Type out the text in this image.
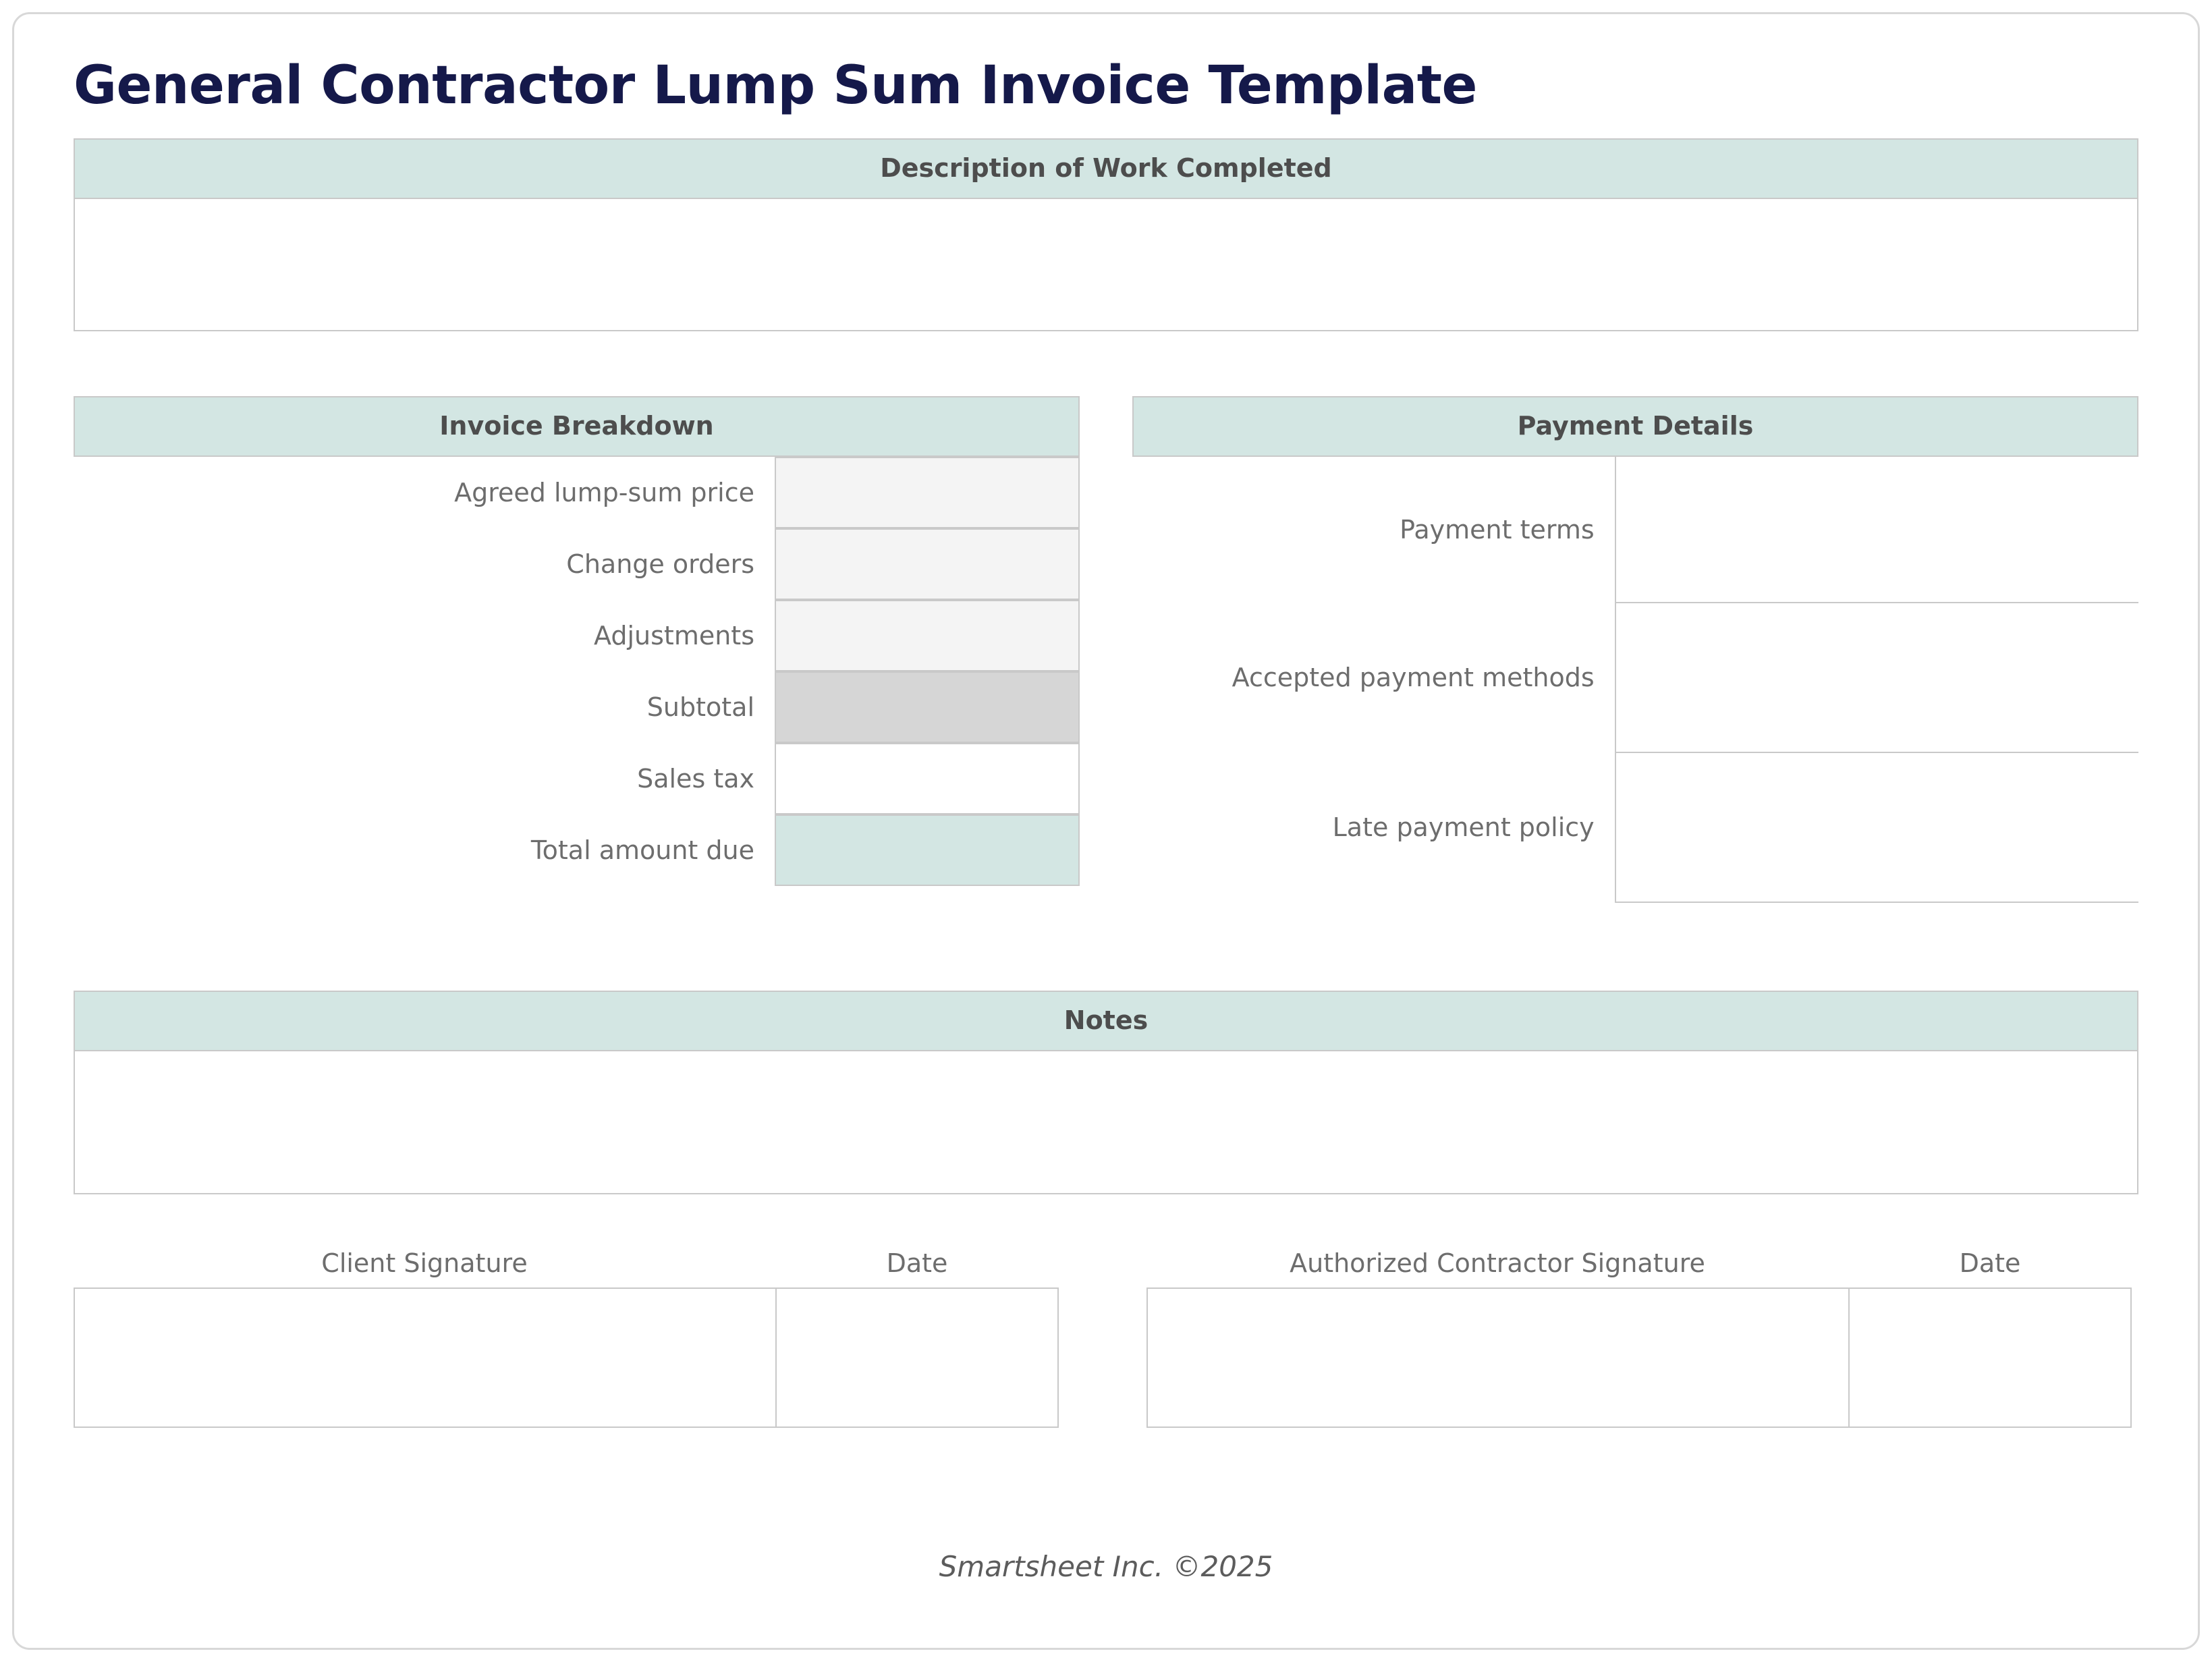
General Contractor Lump Sum Invoice Template
Description of Work Completed
Invoice Breakdown
Agreed lump-sum price
Change orders
Adjustments
Subtotal
Sales tax
Total amount due
Payment Details
Payment terms	
Accepted payment methods	
Late payment policy	
Notes
Client Signature	Date	Authorized Contractor Signature	Date
Smartsheet Inc. ©2025
